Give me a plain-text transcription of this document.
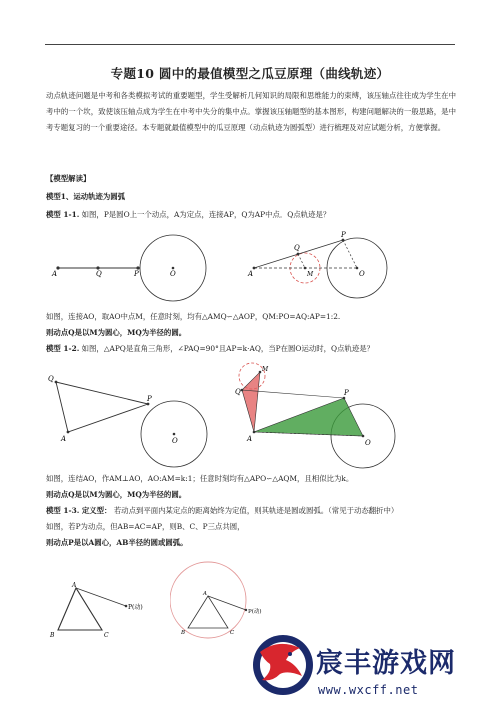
专题10 圆中的最值模型之瓜豆原理（曲线轨迹）
动点轨迹问题是中考和各类模拟考试的重要题型，学生受解析几何知识的局限和思维能力的束缚，该压轴点往往成为学生在中考中的一个坎，致使该压轴点成为学生在中考中失分的集中点。掌握该压轴题型的基本图形，构建问题解决的一般思路，是中考专题复习的一个重要途径。本专题就最值模型中的瓜豆原理（动点轨迹为圆弧型）进行梳理及对应试题分析，方便掌握。
【模型解读】
模型1、运动轨迹为圆弧
模型 1-1. 如图，P是圆O上一个动点，A为定点，连接AP，Q为AP中点．Q点轨迹是？
A	Q	P	O	A
Q
P
M	O
如图，连接AO，取AO中点M，任意时刻，均有△AMQ∽△AOP，QM:PO=AQ:AP=1:2.
则动点Q是以M为圆心，MQ为半径的圆。
模型 1-2. 如图，△APQ是直角三角形，∠PAQ=90°且AP=k·AQ，当P在圆O运动时，Q点轨迹是？
Q
A
P
O
Q
A
M
P
O
如图，连结AO，作AM⊥AO，AO:AM=k:1；任意时刻均有△APO∽△AQM，且相似比为k。
则动点Q是以M为圆心，MQ为半径的圆。
模型 1-3. 定义型： 若动点到平面内某定点的距离始终为定值，则其轨迹是圆或圆弧。（常见于动态翻折中）
如图，若P为动点，但AB=AC=AP，则B、C、P三点共圆，
则动点P是以A圆心，AB半径的圆或圆弧。
A
B	C
P(动)
A
B	C
P(动)
宸丰游戏网
www.wxcff.net
